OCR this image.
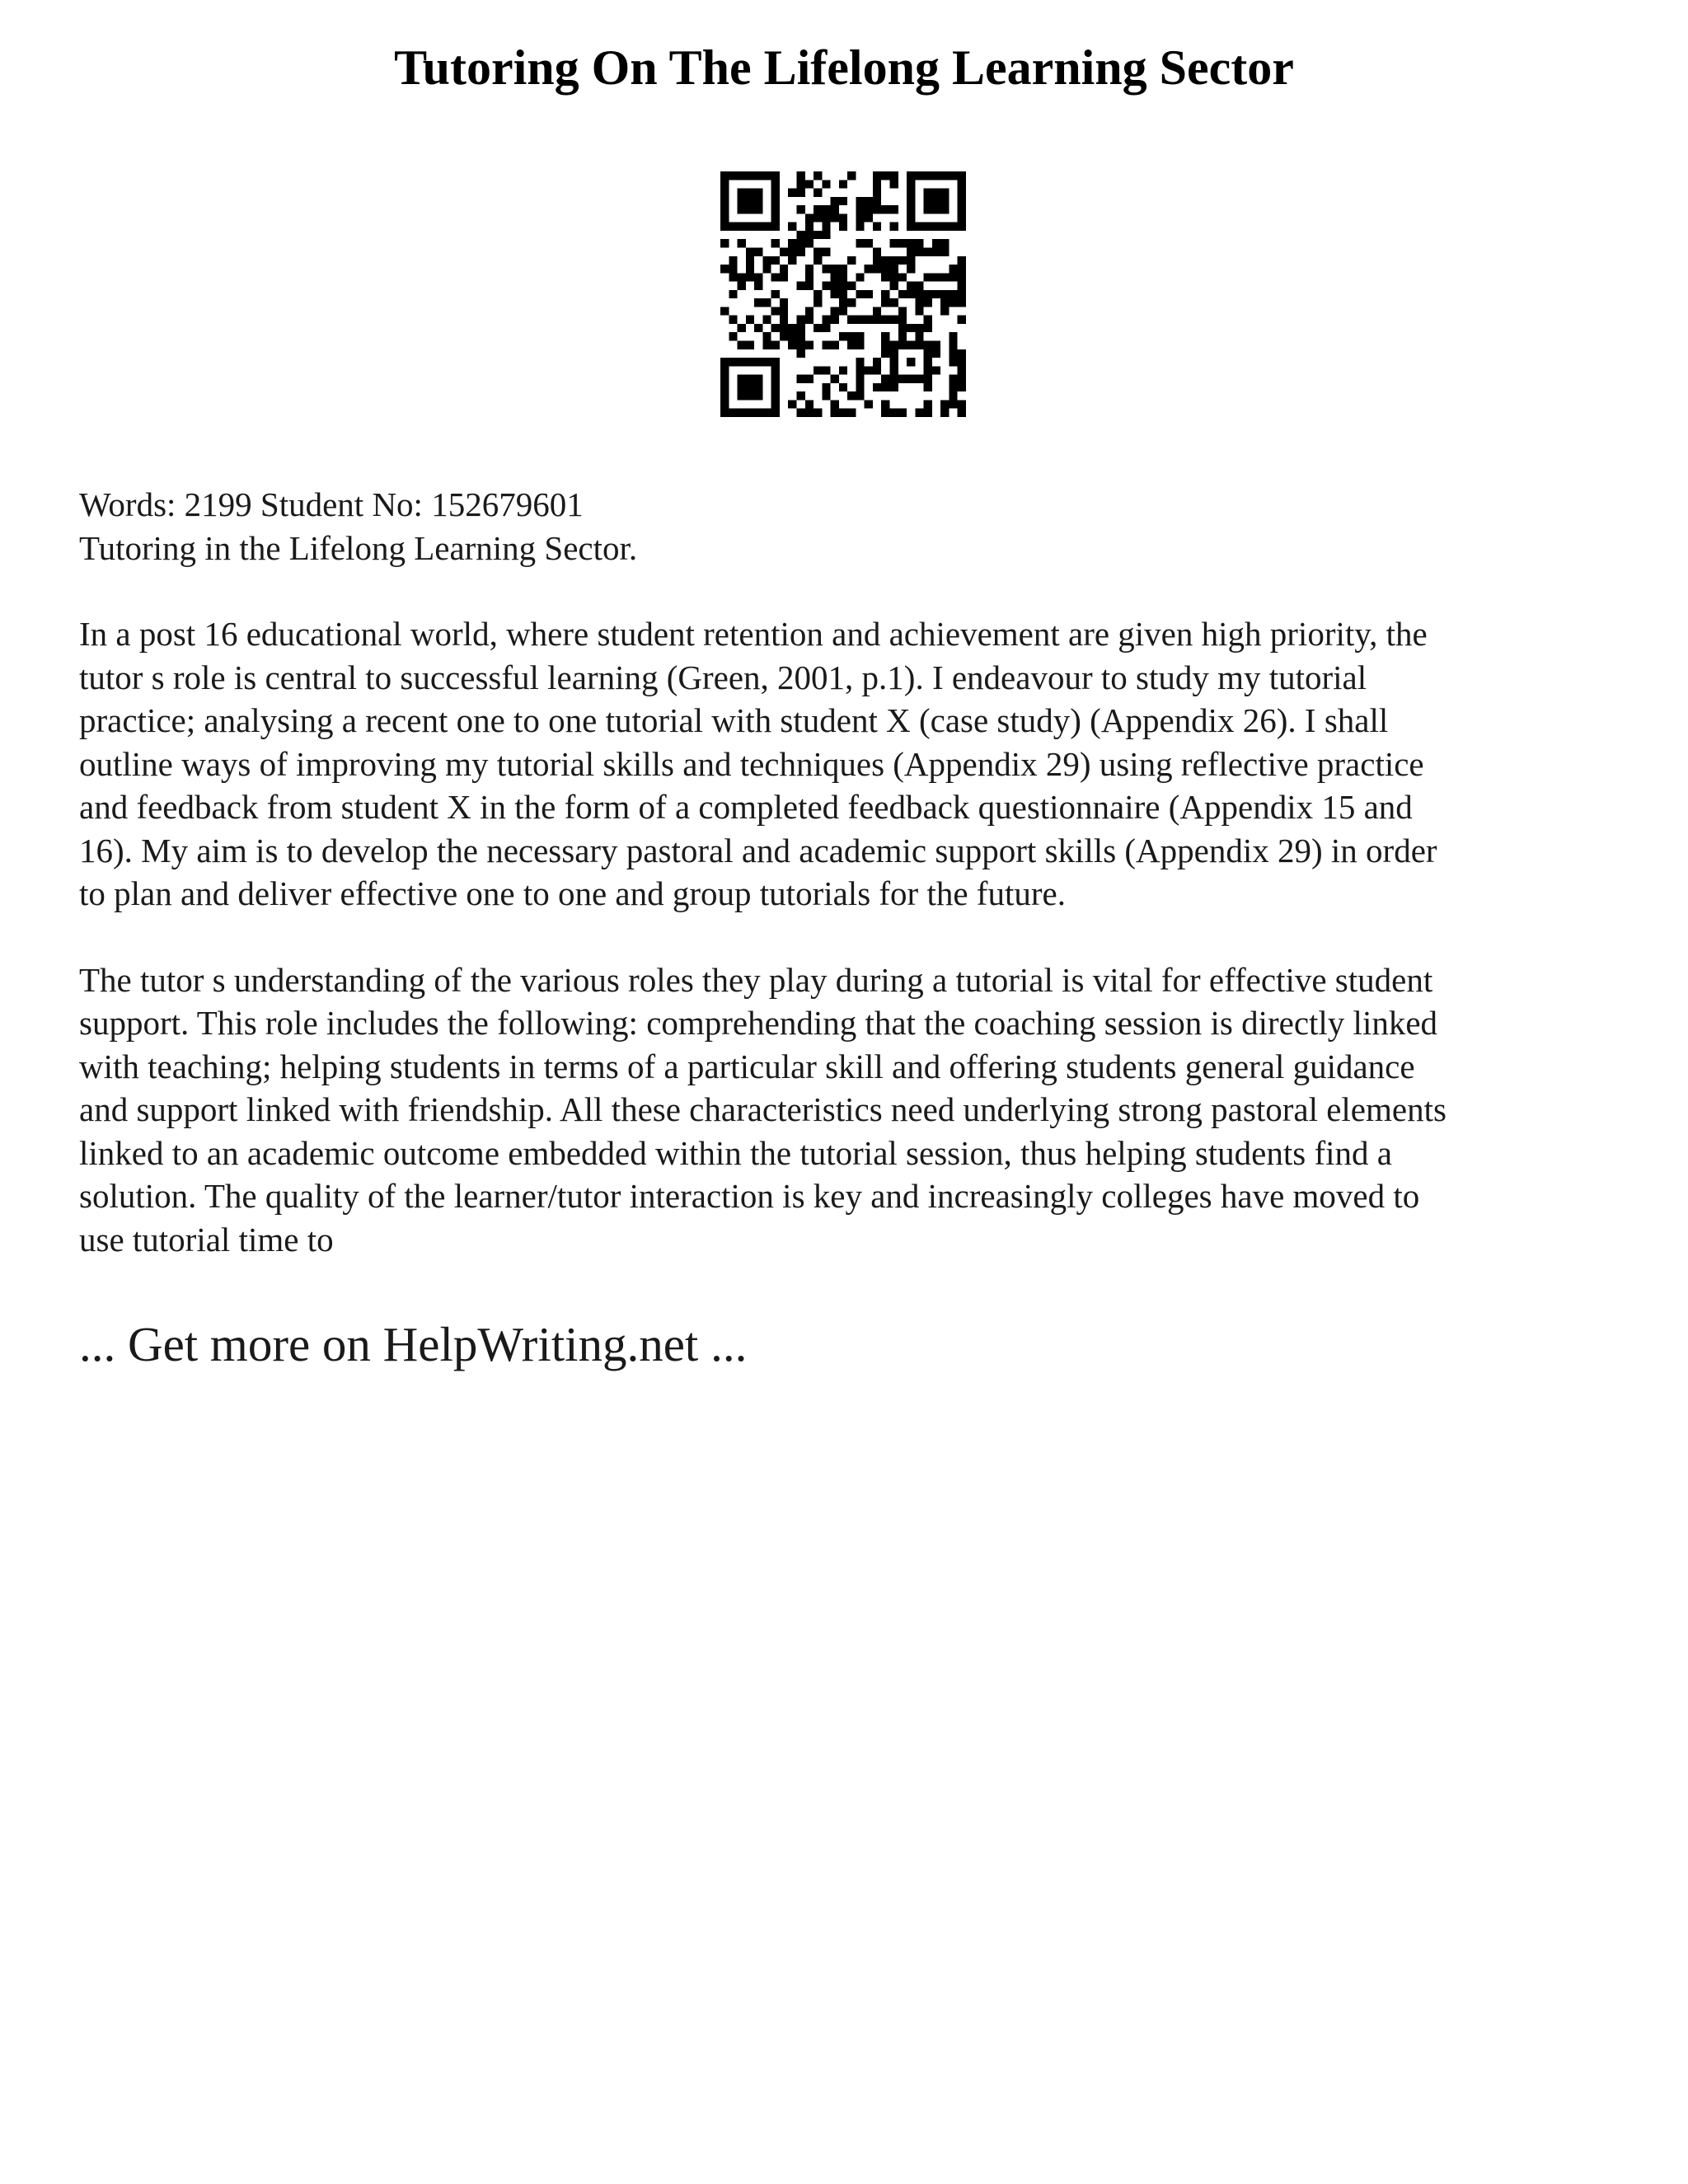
Tutoring On The Lifelong Learning Sector

Words: 2199 Student No: 152679601
Tutoring in the Lifelong Learning Sector.

In a post 16 educational world, where student retention and achievement are given high priority, the
tutor s role is central to successful learning (Green, 2001, p.1). I endeavour to study my tutorial
practice; analysing a recent one to one tutorial with student X (case study) (Appendix 26). I shall
outline ways of improving my tutorial skills and techniques (Appendix 29) using reflective practice
and feedback from student X in the form of a completed feedback questionnaire (Appendix 15 and
16). My aim is to develop the necessary pastoral and academic support skills (Appendix 29) in order
to plan and deliver effective one to one and group tutorials for the future.

The tutor s understanding of the various roles they play during a tutorial is vital for effective student
support. This role includes the following: comprehending that the coaching session is directly linked
with teaching; helping students in terms of a particular skill and offering students general guidance
and support linked with friendship. All these characteristics need underlying strong pastoral elements
linked to an academic outcome embedded within the tutorial session, thus helping students find a
solution. The quality of the learner/tutor interaction is key and increasingly colleges have moved to
use tutorial time to

... Get more on HelpWriting.net ...
